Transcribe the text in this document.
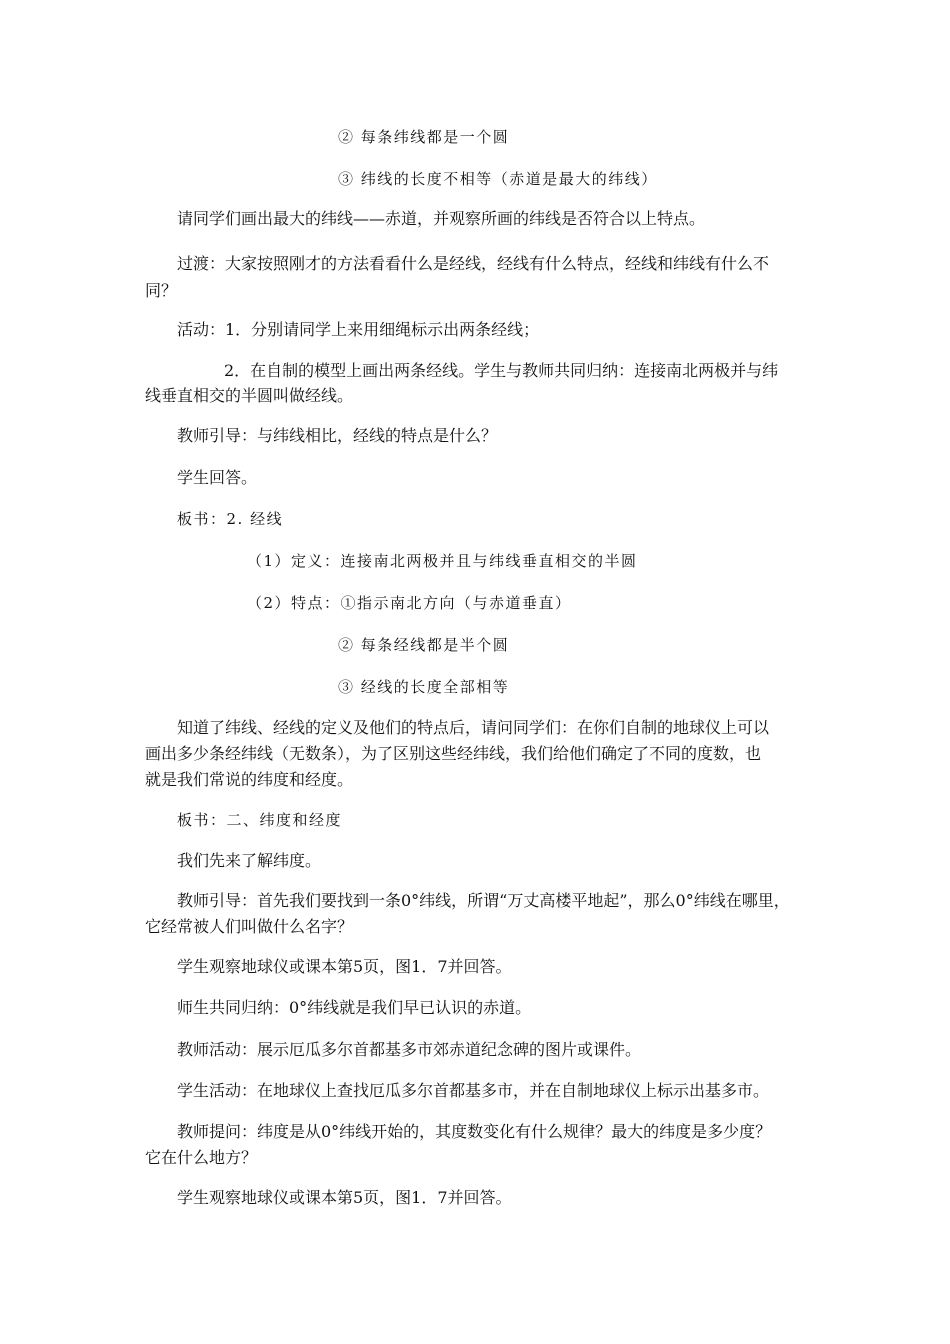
② 每条纬线都是一个圆
③ 纬线的长度不相等（赤道是最大的纬线）
请同学们画出最大的纬线——赤道，并观察所画的纬线是否符合以上特点。
过渡：大家按照刚才的方法看看什么是经线，经线有什么特点，经线和纬线有什么不
同？
活动：1．分别请同学上来用细绳标示出两条经线；
2．在自制的模型上画出两条经线。学生与教师共同归纳：连接南北两极并与纬
线垂直相交的半圆叫做经线。
教师引导：与纬线相比，经线的特点是什么？
学生回答。
板书：2. 经线
（1）定义：连接南北两极并且与纬线垂直相交的半圆
（2）特点：①指示南北方向（与赤道垂直）
② 每条经线都是半个圆
③ 经线的长度全部相等
知道了纬线、经线的定义及他们的特点后，请问同学们：在你们自制的地球仪上可以
画出多少条经纬线（无数条），为了区别这些经纬线，我们给他们确定了不同的度数，也
就是我们常说的纬度和经度。
板书：二、纬度和经度
我们先来了解纬度。
教师引导：首先我们要找到一条0°纬线，所谓“万丈高楼平地起”，那么0°纬线在哪里，
它经常被人们叫做什么名字？
学生观察地球仪或课本第5页，图1．7并回答。
师生共同归纳：0°纬线就是我们早已认识的赤道。
教师活动：展示厄瓜多尔首都基多市郊赤道纪念碑的图片或课件。
学生活动：在地球仪上查找厄瓜多尔首都基多市，并在自制地球仪上标示出基多市。
教师提问：纬度是从0°纬线开始的，其度数变化有什么规律？最大的纬度是多少度？
它在什么地方？
学生观察地球仪或课本第5页，图1．7并回答。
